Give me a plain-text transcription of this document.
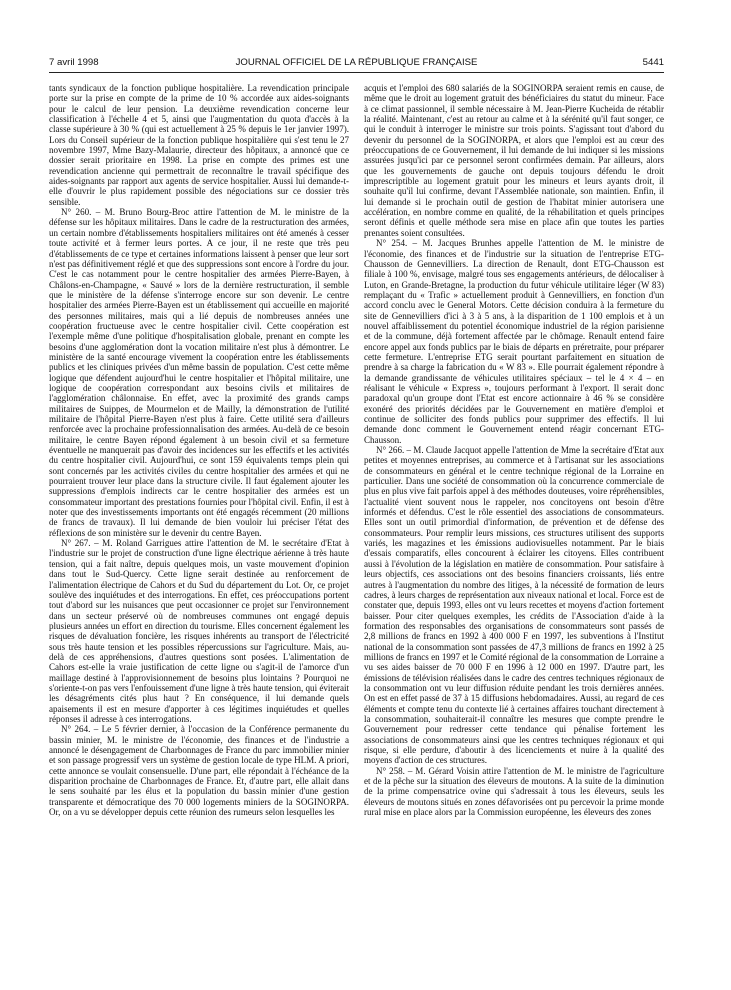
JOURNAL OFFICIEL DE LA RÉPUBLIQUE FRANÇAISE
7 avril 1998	5441

tants syndicaux de la fonction publique hospitalière. La revendication principale porte sur la prise en compte de la prime de 10 % accordée aux aides-soignants pour le calcul de leur pension. La deuxième revendication concerne leur classification à l'échelle 4 et 5, ainsi que l'augmentation du quota d'accès à la classe supérieure à 30 % (qui est actuellement à 25 % depuis le 1er janvier 1997). Lors du Conseil supérieur de la fonction publique hospitalière qui s'est tenu le 27 novembre 1997, Mme Bazy-Malaurie, directeur des hôpitaux, a annoncé que ce dossier serait prioritaire en 1998. La prise en compte des primes est une revendication ancienne qui permettrait de reconnaître le travail spécifique des aides-soignants par rapport aux agents de service hospitalier. Aussi lui demande-t-elle d'ouvrir le plus rapidement possible des négociations sur ce dossier très sensible.

N° 260. – M. Bruno Bourg-Broc attire l'attention de M. le ministre de la défense sur les hôpitaux militaires. Dans le cadre de la restructuration des armées, un certain nombre d'établissements hospitaliers militaires ont été amenés à cesser toute activité et à fermer leurs portes. A ce jour, il ne reste que très peu d'établissements de ce type et certaines informations laissent à penser que leur sort n'est pas définitivement réglé et que des suppressions sont encore à l'ordre du jour. C'est le cas notamment pour le centre hospitalier des armées Pierre-Bayen, à Châlons-en-Champagne, « Sauvé » lors de la dernière restructuration, il semble que le ministère de la défense s'interroge encore sur son devenir. Le centre hospitalier des armées Pierre-Bayen est un établissement qui accueille en majorité des personnes militaires, mais qui a lié depuis de nombreuses années une coopération fructueuse avec le centre hospitalier civil. Cette coopération est l'exemple même d'une politique d'hospitalisation globale, prenant en compte les besoins d'une agglomération dont la vocation militaire n'est plus à démontrer. Le ministère de la santé encourage vivement la coopération entre les établissements publics et les cliniques privées d'un même bassin de population. C'est cette même logique que défendent aujourd'hui le centre hospitalier et l'hôpital militaire, une logique de coopération correspondant aux besoins civils et militaires de l'agglomération châlonnaise. En effet, avec la proximité des grands camps militaires de Suippes, de Mourmelon et de Mailly, la démonstration de l'utilité militaire de l'hôpital Pierre-Bayen n'est plus à faire. Cette utilité sera d'ailleurs renforcée avec la prochaine professionnalisation des armées. Au-delà de ce besoin militaire, le centre Bayen répond également à un besoin civil et sa fermeture éventuelle ne manquerait pas d'avoir des incidences sur les effectifs et les activités du centre hospitalier civil. Aujourd'hui, ce sont 159 équivalents temps plein qui sont concernés par les activités civiles du centre hospitalier des armées et qui ne pourraient trouver leur place dans la structure civile. Il faut également ajouter les suppressions d'emplois indirects car le centre hospitalier des armées est un consommateur important des prestations fournies pour l'hôpital civil. Enfin, il est à noter que des investissements importants ont été engagés récemment (20 millions de francs de travaux). Il lui demande de bien vouloir lui préciser l'état des réflexions de son ministère sur le devenir du centre Bayen.

N° 267. – M. Roland Garrigues attire l'attention de M. le secrétaire d'Etat à l'industrie sur le projet de construction d'une ligne électrique aérienne à très haute tension, qui a fait naître, depuis quelques mois, un vaste mouvement d'opinion dans tout le Sud-Quercy. Cette ligne serait destinée au renforcement de l'alimentation électrique de Cahors et du Sud du département du Lot. Or, ce projet soulève des inquiétudes et des interrogations. En effet, ces préoccupations portent tout d'abord sur les nuisances que peut occasionner ce projet sur l'environnement dans un secteur préservé où de nombreuses communes ont engagé depuis plusieurs années un effort en direction du tourisme. Elles concernent également les risques de dévaluation foncière, les risques inhérents au transport de l'électricité sous très haute tension et les possibles répercussions sur l'agriculture. Mais, au-delà de ces appréhensions, d'autres questions sont posées. L'alimentation de Cahors est-elle la vraie justification de cette ligne ou s'agit-il de l'amorce d'un maillage destiné à l'approvisionnement de besoins plus lointains ? Pourquoi ne s'oriente-t-on pas vers l'enfouissement d'une ligne à très haute tension, qui éviterait les désagréments cités plus haut ? En conséquence, il lui demande quels apaisements il est en mesure d'apporter à ces légitimes inquiétudes et quelles réponses il adresse à ces interrogations.

N° 264. – Le 5 février dernier, à l'occasion de la Conférence permanente du bassin minier, M. le ministre de l'économie, des finances et de l'industrie a annoncé le désengagement de Charbonnages de France du parc immobilier minier et son passage progressif vers un système de gestion locale de type HLM. A priori, cette annonce se voulait consensuelle. D'une part, elle répondait à l'échéance de la disparition prochaine de Charbonnages de France. Et, d'autre part, elle allait dans le sens souhaité par les élus et la population du bassin minier d'une gestion transparente et démocratique des 70 000 logements miniers de la SOGINORPA. Or, on a vu se développer depuis cette réunion des rumeurs selon lesquelles les

acquis et l'emploi des 680 salariés de la SOGINORPA seraient remis en cause, de même que le droit au logement gratuit des bénéficiaires du statut du mineur. Face à ce climat passionnel, il semble nécessaire à M. Jean-Pierre Kucheida de rétablir la réalité. Maintenant, c'est au retour au calme et à la sérénité qu'il faut songer, ce qui le conduit à interroger le ministre sur trois points. S'agissant tout d'abord du devenir du personnel de la SOGINORPA, et alors que l'emploi est au cœur des préoccupations de ce Gouvernement, il lui demande de lui indiquer si les missions assurées jusqu'ici par ce personnel seront confirmées demain. Par ailleurs, alors que les gouvernements de gauche ont depuis toujours défendu le droit imprescriptible au logement gratuit pour les mineurs et leurs ayants droit, il souhaite qu'il lui confirme, devant l'Assemblée nationale, son maintien. Enfin, il lui demande si le prochain outil de gestion de l'habitat minier autorisera une accélération, en nombre comme en qualité, de la réhabilitation et quels principes seront définis et quelle méthode sera mise en place afin que toutes les parties prenantes soient consultées.

N° 254. – M. Jacques Brunhes appelle l'attention de M. le ministre de l'économie, des finances et de l'industrie sur la situation de l'entreprise ETG-Chausson de Gennevilliers. La direction de Renault, dont ETG-Chausson est filiale à 100 %, envisage, malgré tous ses engagements antérieurs, de délocaliser à Luton, en Grande-Bretagne, la production du futur véhicule utilitaire léger (W 83) remplaçant du « Trafic » actuellement produit à Gennevilliers, en fonction d'un accord conclu avec le General Motors. Cette décision conduira à la fermeture du site de Gennevilliers d'ici à 3 à 5 ans, à la disparition de 1 100 emplois et à un nouvel affaiblissement du potentiel économique industriel de la région parisienne et de la commune, déjà fortement affectée par le chômage. Renault entend faire encore appel aux fonds publics par le biais de départs en préretraite, pour préparer cette fermeture. L'entreprise ETG serait pourtant parfaitement en situation de prendre à sa charge la fabrication du « W 83 ». Elle pourrait également répondre à la demande grandissante de véhicules utilitaires spéciaux – tel le 4 × 4 – en réalisant le véhicule « Express », toujours performant à l'export. Il serait donc paradoxal qu'un groupe dont l'Etat est encore actionnaire à 46 % se considère exonéré des priorités décidées par le Gouvernement en matière d'emploi et continue de solliciter des fonds publics pour supprimer des effectifs. Il lui demande donc comment le Gouvernement entend réagir concernant ETG-Chausson.

N° 266. – M. Claude Jacquot appelle l'attention de Mme la secrétaire d'Etat aux petites et moyennes entreprises, au commerce et à l'artisanat sur les associations de consommateurs en général et le centre technique régional de la Lorraine en particulier. Dans une société de consommation où la concurrence commerciale de plus en plus vive fait parfois appel à des méthodes douteuses, voire répréhensibles, l'actualité vient souvent nous le rappeler, nos concitoyens ont besoin d'être informés et défendus. C'est le rôle essentiel des associations de consommateurs. Elles sont un outil primordial d'information, de prévention et de défense des consommateurs. Pour remplir leurs missions, ces structures utilisent des supports variés, les magazines et les émissions audiovisuelles notamment. Par le biais d'essais comparatifs, elles concourent à éclairer les citoyens. Elles contribuent aussi à l'évolution de la législation en matière de consommation. Pour satisfaire à leurs objectifs, ces associations ont des besoins financiers croissants, liés entre autres à l'augmentation du nombre des litiges, à la nécessité de formation de leurs cadres, à leurs charges de représentation aux niveaux national et local. Force est de constater que, depuis 1993, elles ont vu leurs recettes et moyens d'action fortement baisser. Pour citer quelques exemples, les crédits de l'Association d'aide à la formation des responsables des organisations de consommateurs sont passés de 2,8 millions de francs en 1992 à 400 000 F en 1997, les subventions à l'Institut national de la consommation sont passées de 47,3 millions de francs en 1992 à 25 millions de francs en 1997 et le Comité régional de la consommation de Lorraine a vu ses aides baisser de 70 000 F en 1996 à 12 000 en 1997. D'autre part, les émissions de télévision réalisées dans le cadre des centres techniques régionaux de la consommation ont vu leur diffusion réduite pendant les trois dernières années. On est en effet passé de 37 à 15 diffusions hebdomadaires. Aussi, au regard de ces éléments et compte tenu du contexte lié à certaines affaires touchant directement à la consommation, souhaiterait-il connaître les mesures que compte prendre le Gouvernement pour redresser cette tendance qui pénalise fortement les associations de consommateurs ainsi que les centres techniques régionaux et qui risque, si elle perdure, d'aboutir à des licenciements et nuire à la qualité des moyens d'action de ces structures.

N° 258. – M. Gérard Voisin attire l'attention de M. le ministre de l'agriculture et de la pêche sur la situation des éleveurs de moutons. A la suite de la diminution de la prime compensatrice ovine qui s'adressait à tous les éleveurs, seuls les éleveurs de moutons situés en zones défavorisées ont pu percevoir la prime monde rural mise en place alors par la Commission européenne, les éleveurs des zones
